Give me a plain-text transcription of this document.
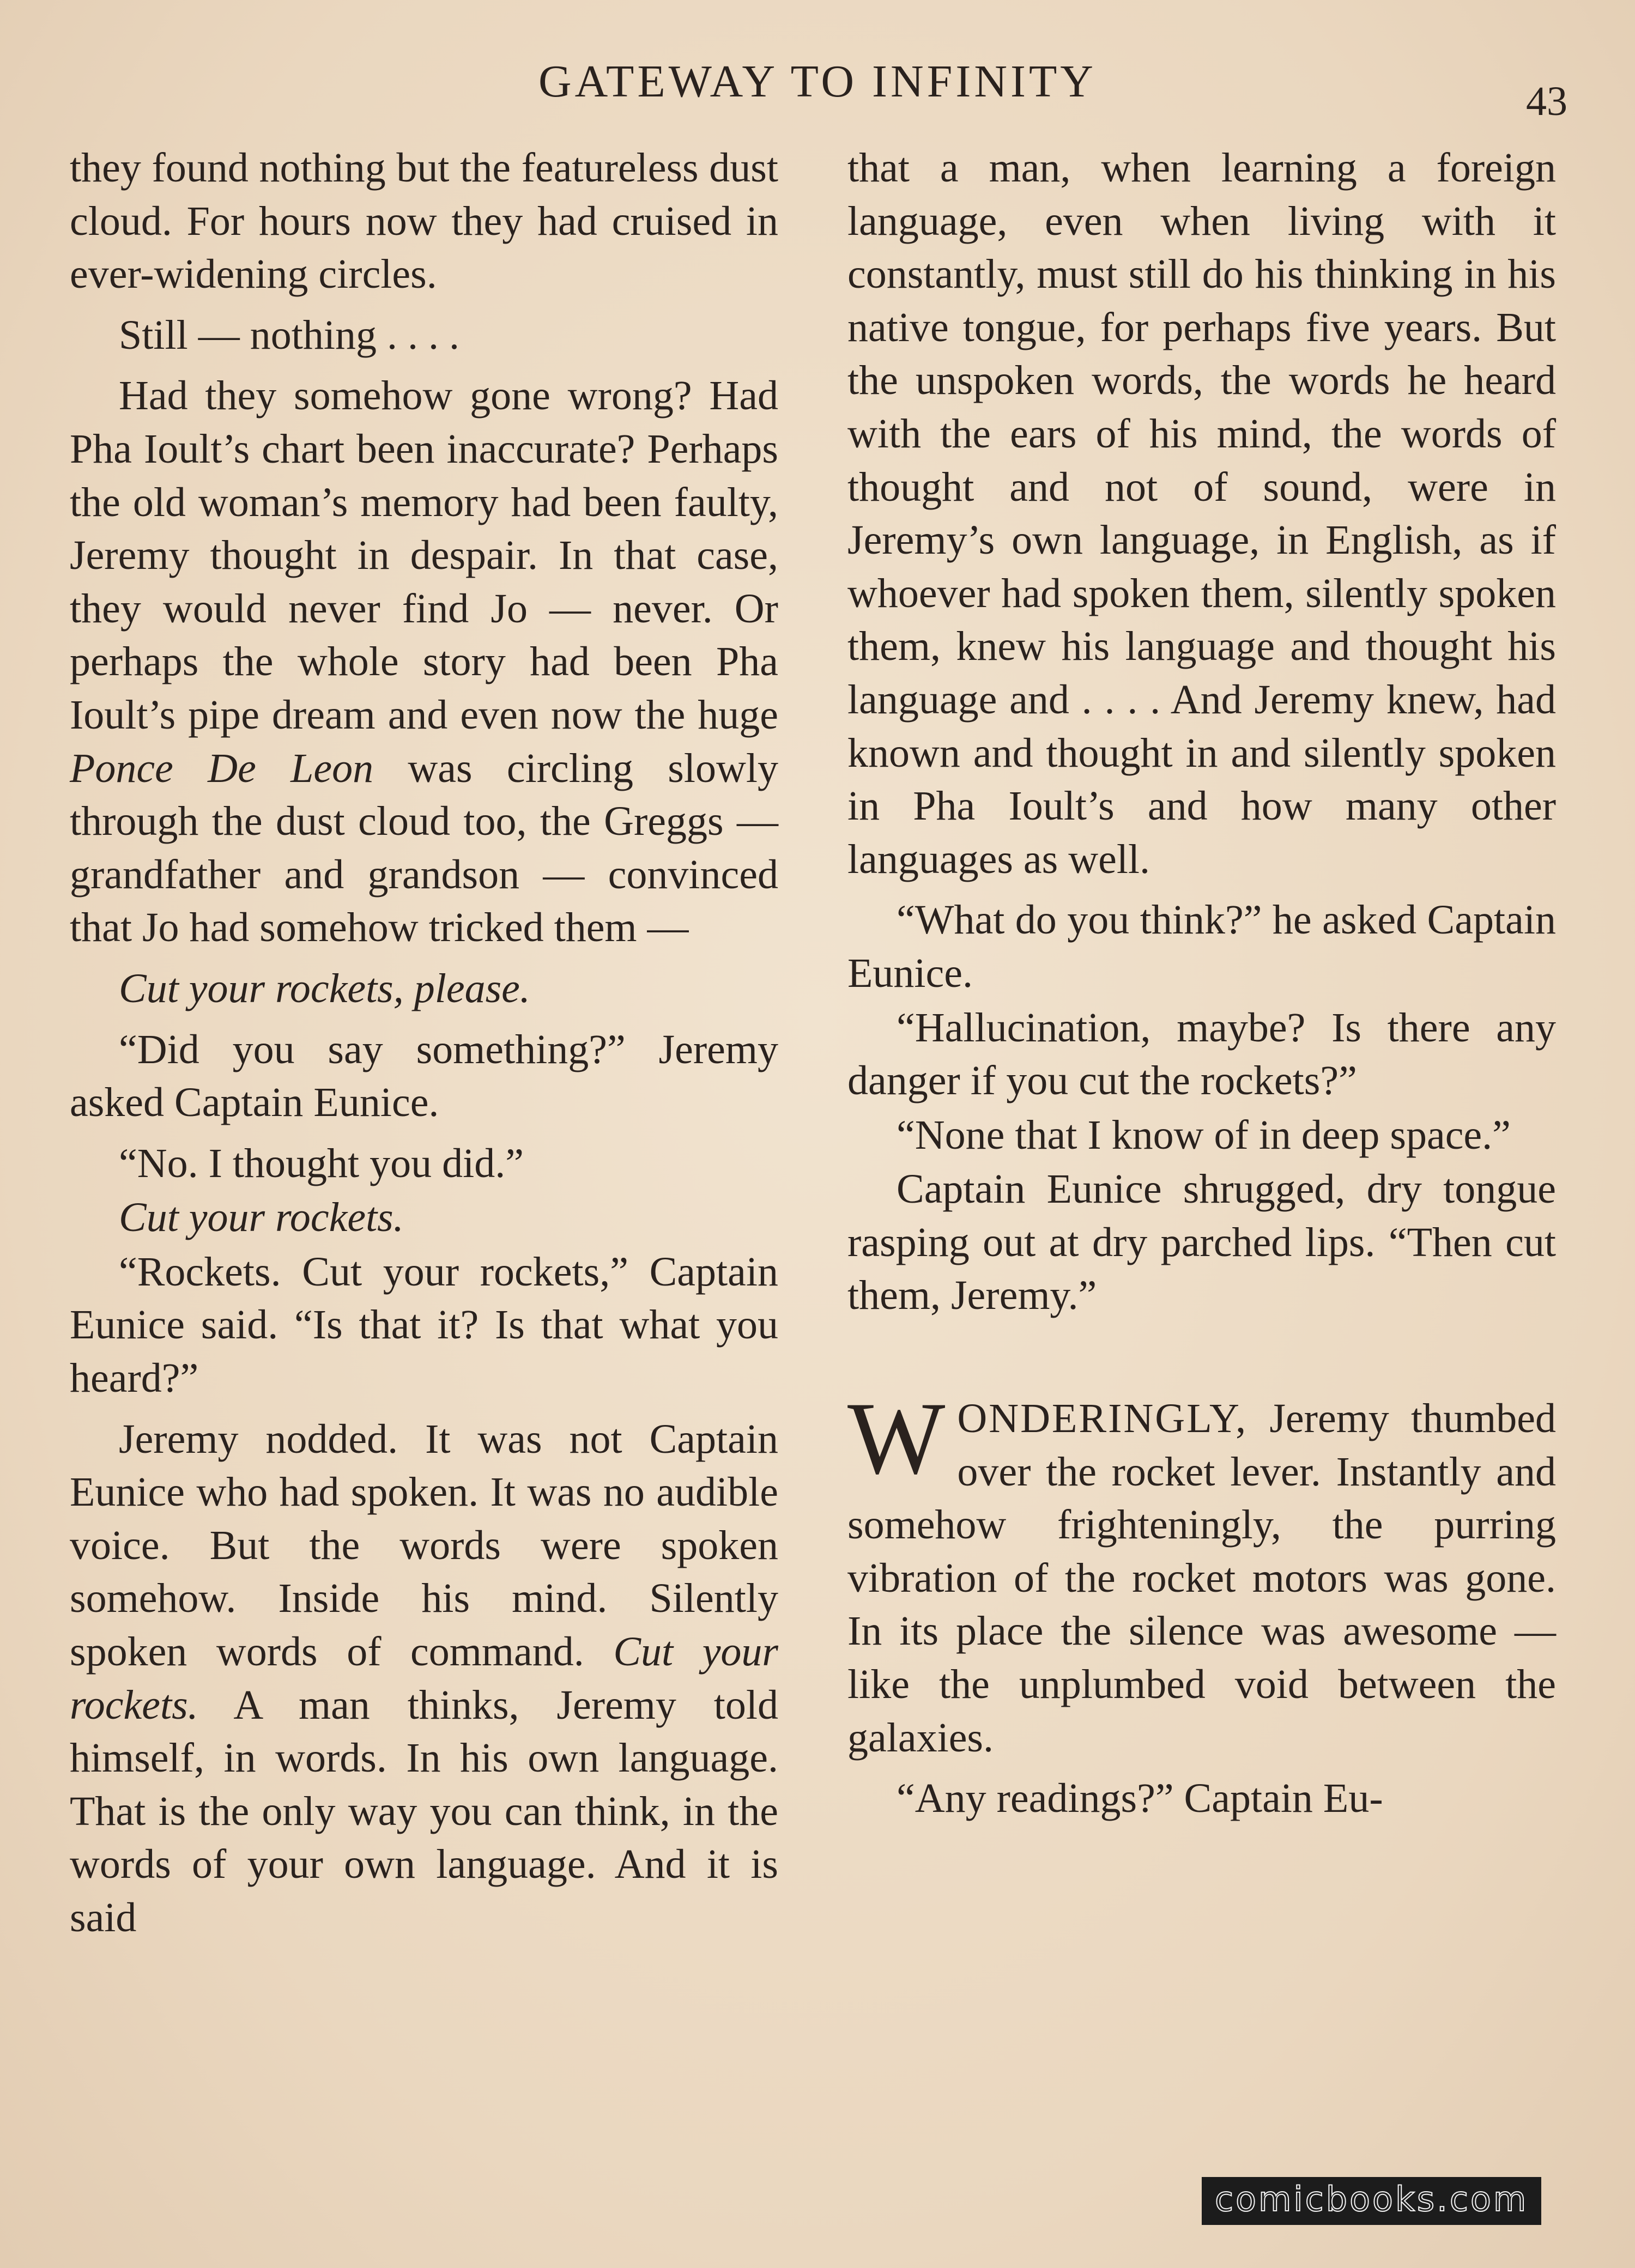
GATEWAY TO INFINITY	43

they found nothing but the featureless dust cloud. For hours now they had cruised in ever-widening circles.

Still — nothing . . . .

Had they somehow gone wrong? Had Pha Ioult’s chart been inaccurate? Perhaps the old woman’s memory had been faulty, Jeremy thought in despair. In that case, they would never find Jo — never. Or perhaps the whole story had been Pha Ioult’s pipe dream and even now the huge Ponce De Leon was circling slowly through the dust cloud too, the Greggs — grandfather and grandson — convinced that Jo had somehow tricked them —

Cut your rockets, please.

“Did you say something?” Jeremy asked Captain Eunice.

“No. I thought you did.”

Cut your rockets.

“Rockets. Cut your rockets,” Captain Eunice said. “Is that it? Is that what you heard?”

Jeremy nodded. It was not Captain Eunice who had spoken. It was no audible voice. But the words were spoken somehow. Inside his mind. Silently spoken words of command. Cut your rockets. A man thinks, Jeremy told himself, in words. In his own language. That is the only way you can think, in the words of your own language. And it is said

that a man, when learning a foreign language, even when living with it constantly, must still do his thinking in his native tongue, for perhaps five years. But the unspoken words, the words he heard with the ears of his mind, the words of thought and not of sound, were in Jeremy’s own language, in English, as if whoever had spoken them, silently spoken them, knew his language and thought his language and . . . . And Jeremy knew, had known and thought in and silently spoken in Pha Ioult’s and how many other languages as well.

“What do you think?” he asked Captain Eunice.

“Hallucination, maybe? Is there any danger if you cut the rockets?”

“None that I know of in deep space.”

Captain Eunice shrugged, dry tongue rasping out at dry parched lips. “Then cut them, Jeremy.”

WONDERINGLY, Jeremy thumbed over the rocket lever. Instantly and somehow frighteningly, the purring vibration of the rocket motors was gone. In its place the silence was awesome — like the unplumbed void between the galaxies.

“Any readings?” Captain Eu-

comicbooks.com
